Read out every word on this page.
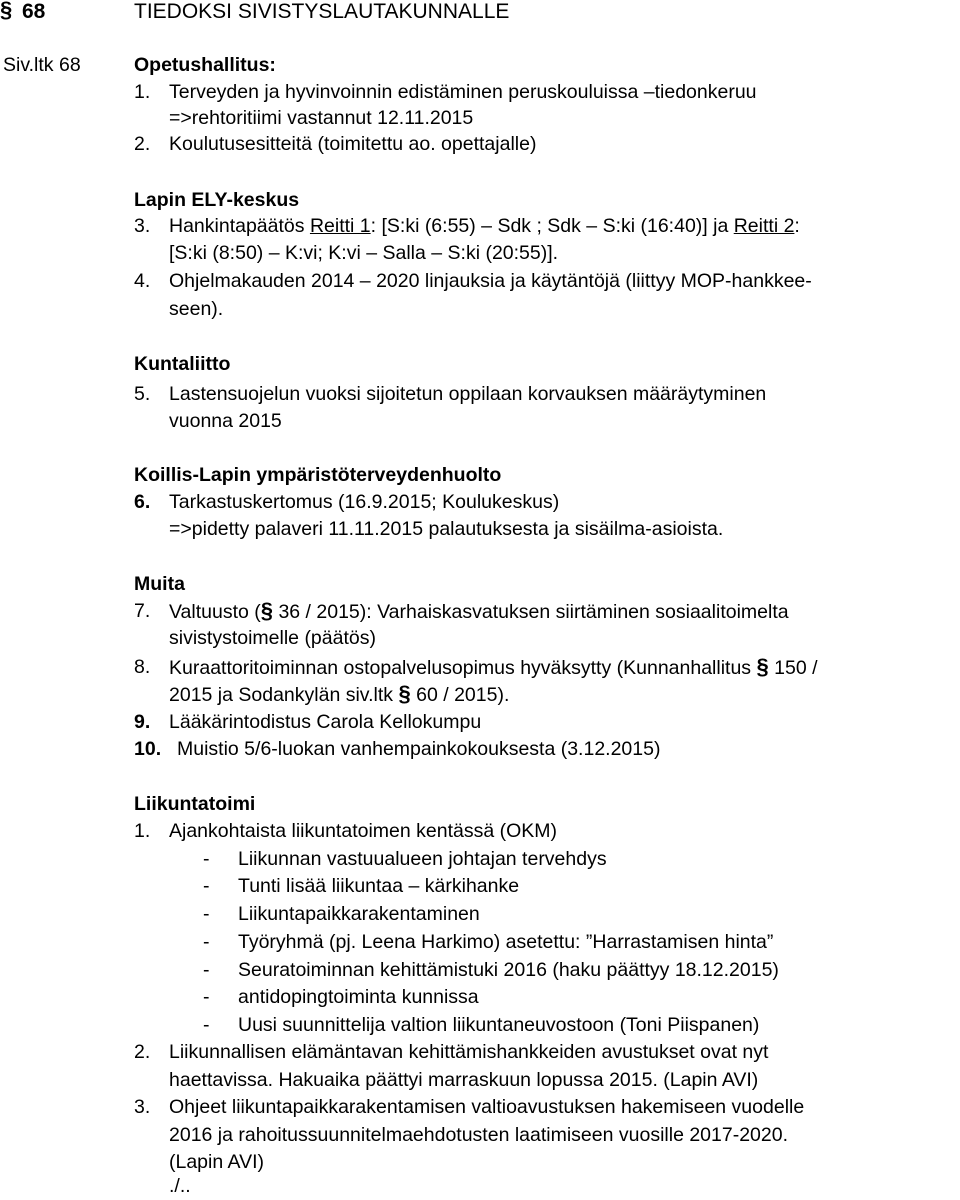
§ 68	TIEDOKSI SIVISTYSLAUTAKUNNALLE
Siv.ltk 68	Opetushallitus:
1. Terveyden ja hyvinvoinnin edistäminen peruskouluissa –tiedonkeruu
=>rehtoritiimi vastannut 12.11.2015
2. Koulutusesitteitä (toimitettu ao. opettajalle)
Lapin ELY-keskus
3. Hankintapäätös Reitti 1: [S:ki (6:55) – Sdk ; Sdk – S:ki (16:40)] ja Reitti 2:
[S:ki (8:50) – K:vi; K:vi – Salla – S:ki (20:55)].
4. Ohjelmakauden 2014 – 2020 linjauksia ja käytäntöjä (liittyy MOP-hankkee-
seen).
Kuntaliitto
5. Lastensuojelun vuoksi sijoitetun oppilaan korvauksen määräytyminen
vuonna 2015
Koillis-Lapin ympäristöterveydenhuolto
6. Tarkastuskertomus (16.9.2015; Koulukeskus)
=>pidetty palaveri 11.11.2015 palautuksesta ja sisäilma-asioista.
Muita
7. Valtuusto (§ 36 / 2015): Varhaiskasvatuksen siirtäminen sosiaalitoimelta
sivistystoimelle (päätös)
8. Kuraattoritoiminnan ostopalvelusopimus hyväksytty (Kunnanhallitus § 150 /
2015 ja Sodankylän siv.ltk § 60 / 2015).
9. Lääkärintodistus Carola Kellokumpu
10. Muistio 5/6-luokan vanhempainkokouksesta (3.12.2015)
Liikuntatoimi
1. Ajankohtaista liikuntatoimen kentässä (OKM)
- Liikunnan vastuualueen johtajan tervehdys
- Tunti lisää liikuntaa – kärkihanke
- Liikuntapaikkarakentaminen
- Työryhmä (pj. Leena Harkimo) asetettu: ”Harrastamisen hinta”
- Seuratoiminnan kehittämistuki 2016 (haku päättyy 18.12.2015)
- antidopingtoiminta kunnissa
- Uusi suunnittelija valtion liikuntaneuvostoon (Toni Piispanen)
2. Liikunnallisen elämäntavan kehittämishankkeiden avustukset ovat nyt
haettavissa. Hakuaika päättyi marraskuun lopussa 2015. (Lapin AVI)
3. Ohjeet liikuntapaikkarakentamisen valtioavustuksen hakemiseen vuodelle
2016 ja rahoitussuunnitelmaehdotusten laatimiseen vuosille 2017-2020.
(Lapin AVI)
./..
